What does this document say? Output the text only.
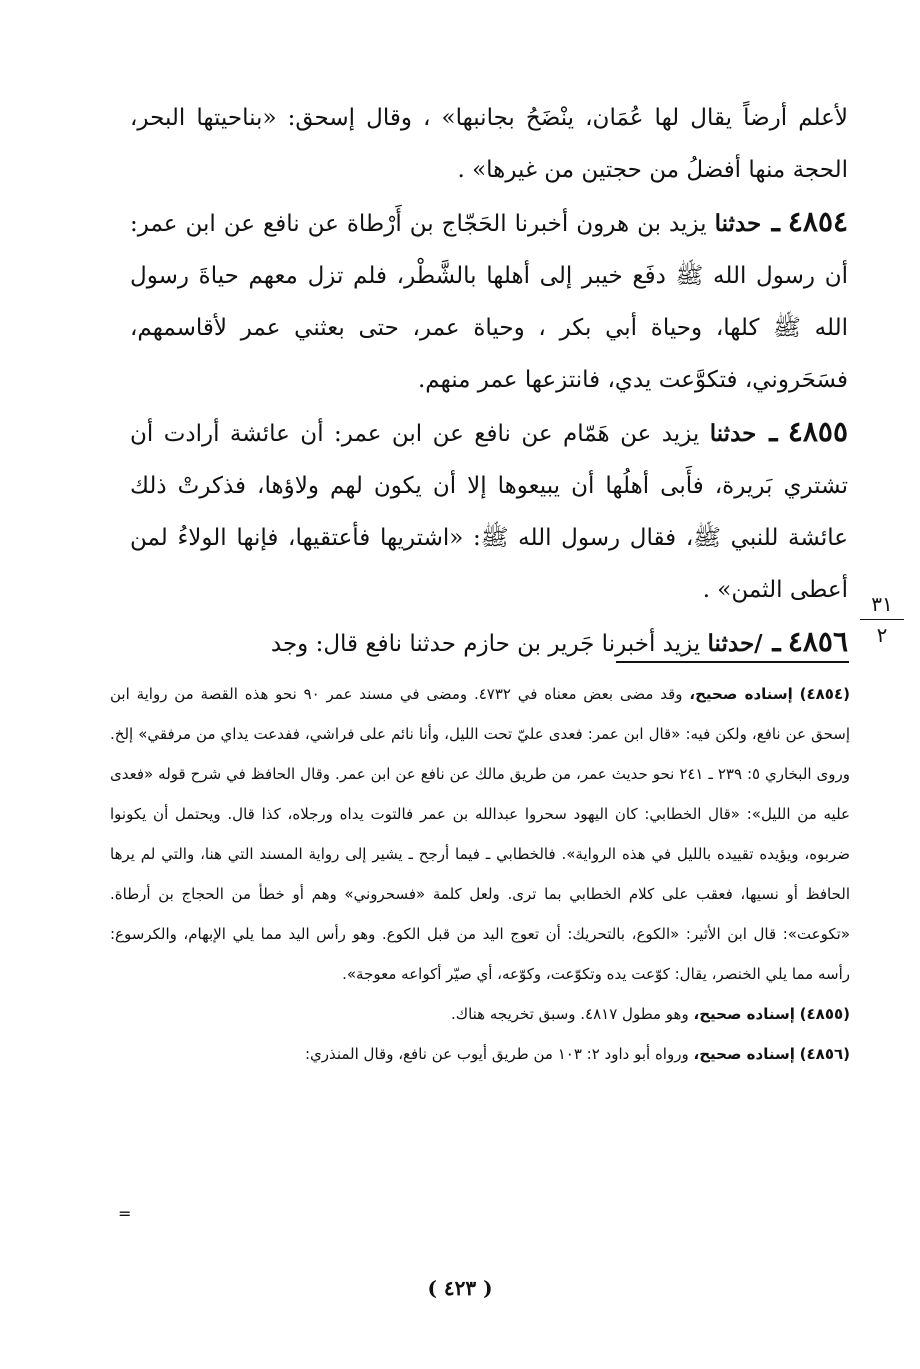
لأعلم أرضاً يقال لها عُمَان، ينْضَحُ بجانبها» ، وقال إسحق: «بناحيتها البحر، الحجة منها أفضلُ من حجتين من غيرها» .

٤٨٥٤ ـ حدثنا يزيد بن هرون أخبرنا الحَجّاج بن أَرْطاة عن نافع عن ابن عمر: أن رسول الله ﷺ دفَع خيبر إلى أهلها بالشَّطْر، فلم تزل معهم حياةَ رسول الله ﷺ كلها، وحياة أبي بكر ، وحياة عمر، حتى بعثني عمر لأقاسمهم، فسَحَروني، فتكوَّعت يدي، فانتزعها عمر منهم.

٤٨٥٥ ـ حدثنا يزيد عن هَمّام عن نافع عن ابن عمر: أن عائشة أرادت أن تشتري بَريرة، فأَبى أهلُها أن يبيعوها إلا أن يكون لهم ولاؤها، فذكرتْ ذلك عائشة للنبي ﷺ، فقال رسول الله ﷺ: «اشتريها فأعتقيها، فإنها الولاءُ لمن أعطى الثمن» .

٤٨٥٦ ـ /حدثنا يزيد أخبرنا جَرير بن حازم حدثنا نافع قال: وجد

٣١
٢

(٤٨٥٤) إسناده صحيح، وقد مضى بعض معناه في ٤٧٣٢. ومضى في مسند عمر ٩٠ نحو هذه القصة من رواية ابن إسحق عن نافع، ولكن فيه: «قال ابن عمر: فعدى عليّ تحت الليل، وأنا نائم على فراشي، ففدعت يداي من مرفقي» إلخ. وروى البخاري ٥: ٢٣٩ ـ ٢٤١ نحو حديث عمر، من طريق مالك عن نافع عن ابن عمر. وقال الحافظ في شرح قوله «فعدى عليه من الليل»: «قال الخطابي: كان اليهود سحروا عبدالله بن عمر فالتوت يداه ورجلاه، كذا قال. ويحتمل أن يكونوا ضربوه، ويؤيده تقييده بالليل في هذه الرواية». فالخطابي ـ فيما أرجح ـ يشير إلى رواية المسند التي هنا، والتي لم يرها الحافظ أو نسيها، فعقب على كلام الخطابي بما ترى. ولعل كلمة «فسحروني» وهم أو خطأ من الحجاج بن أرطاة. «تكوعت»: قال ابن الأثير: «الكوع، بالتحريك: أن تعوج اليد من قبل الكوع. وهو رأس اليد مما يلي الإبهام، والكرسوع: رأسه مما يلي الخنصر، يقال: كوّعت يده وتكوّعت، وكوّعه، أي صيّر أكواعه معوجة».

(٤٨٥٥) إسناده صحيح، وهو مطول ٤٨١٧. وسبق تخريجه هناك.

(٤٨٥٦) إسناده صحيح، ورواه أبو داود ٢: ١٠٣ من طريق أيوب عن نافع، وقال المنذري:

=
( ٤٢٣ )
